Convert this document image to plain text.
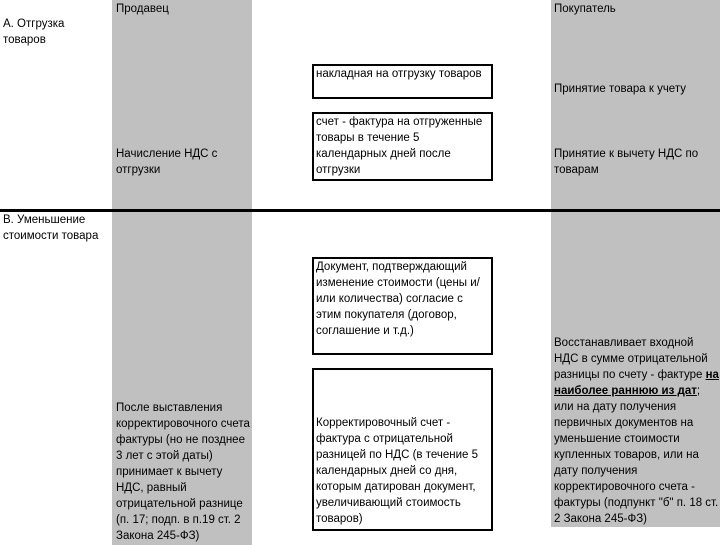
Продавец	Покупатель
А. Отгрузка товаров
накладная на отгрузку товаров
счет - фактура на отгруженные товары в течение 5 календарных дней после отгрузки
Начисление НДС с отгрузки
Принятие товара к учету
Принятие к вычету НДС по товарам
В. Уменьшение стоимости товара
Документ, подтверждающий изменение стоимости (цены и/или количества) согласие с этим покупателя (договор, соглашение и т.д.)
Корректировочный счет - фактура с отрицательной разницей по НДС (в течение 5 календарных дней со дня, которым датирован документ, увеличивающий стоимость товаров)
После выставления корректировочного счета фактуры (но не позднее 3 лет с этой даты) принимает к вычету НДС, равный отрицательной разнице (п. 17; подп. в п.19 ст. 2 Закона 245-ФЗ)
Восстанавливает входной НДС в сумме отрицательной разницы по счету - фактуре на наиболее раннюю из дат; или на дату получения первичных документов на уменьшение стоимости купленных товаров, или на дату получения корректировочного счета - фактуры (подпункт "б" п. 18 ст. 2 Закона 245-ФЗ)
